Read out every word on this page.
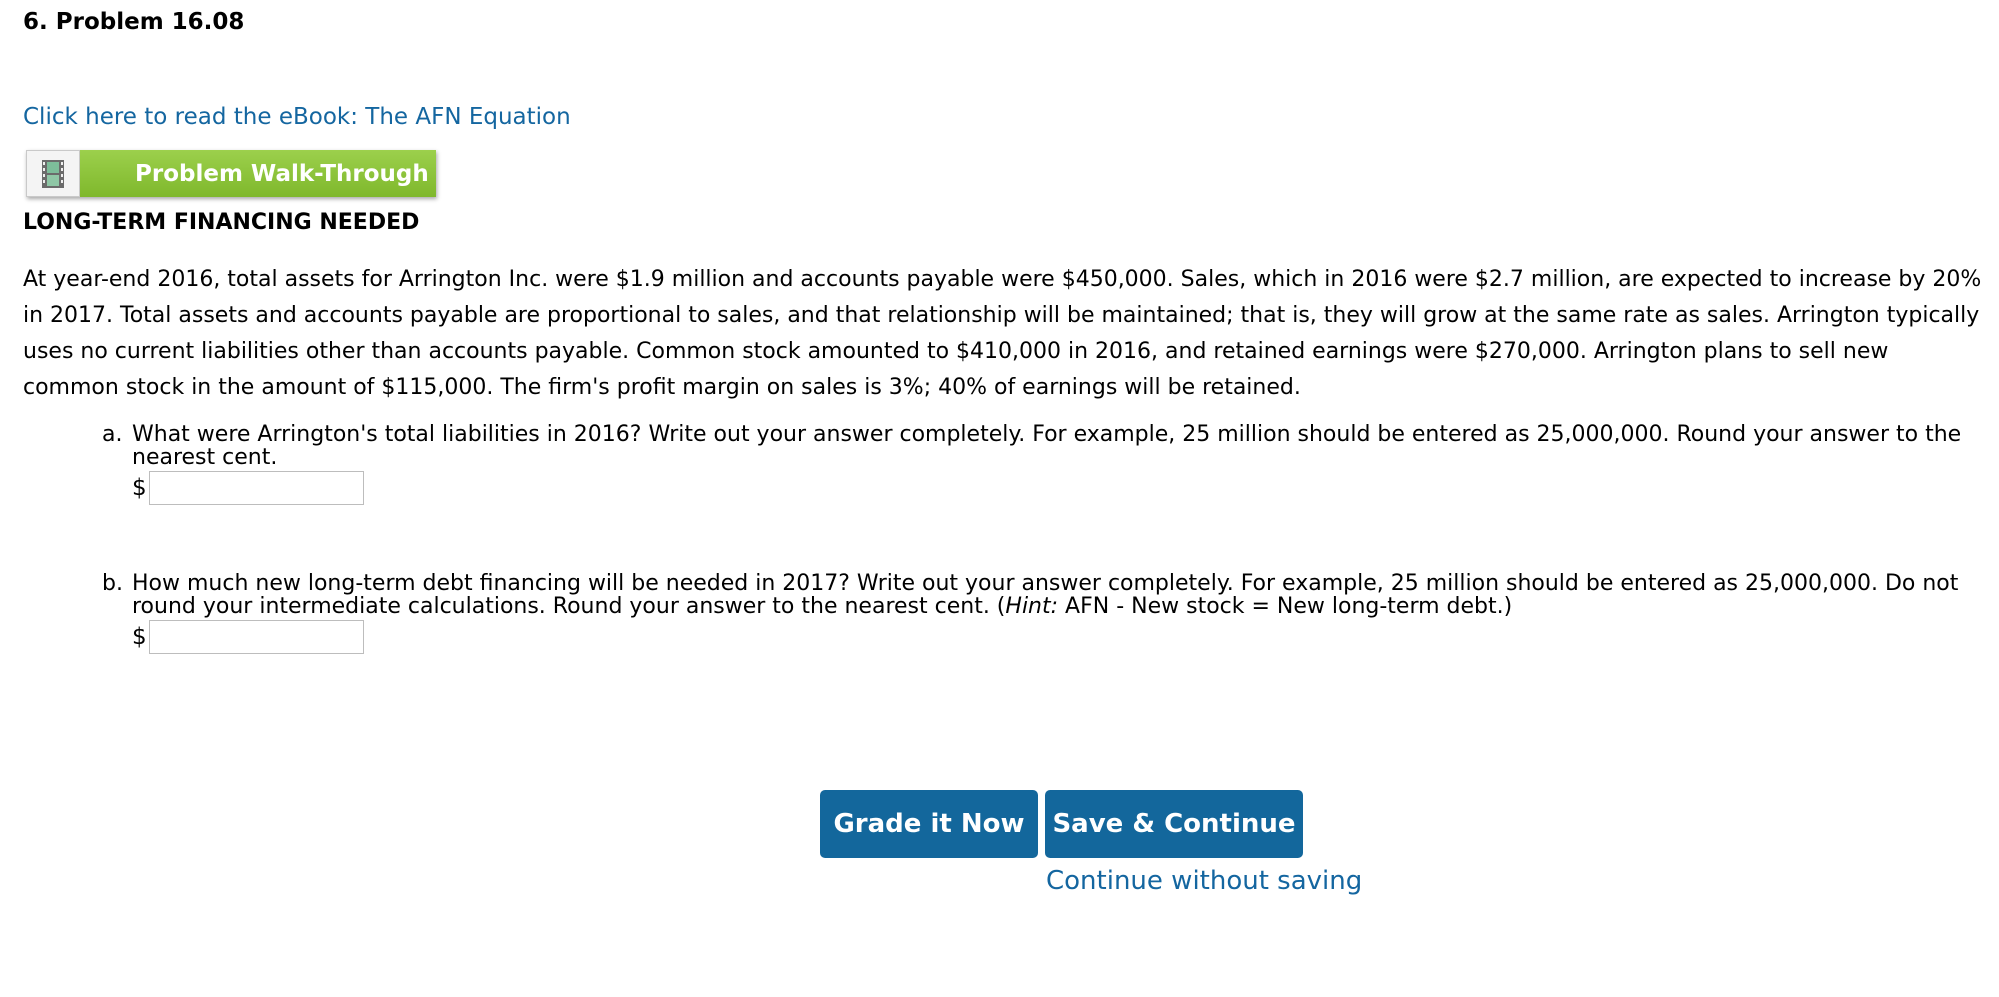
6. Problem 16.08
Click here to read the eBook: The AFN Equation
Problem Walk-Through
LONG-TERM FINANCING NEEDED

At year-end 2016, total assets for Arrington Inc. were $1.9 million and accounts payable were $450,000. Sales, which in 2016 were $2.7 million, are expected to increase by 20% in 2017. Total assets and accounts payable are proportional to sales, and that relationship will be maintained; that is, they will grow at the same rate as sales. Arrington typically uses no current liabilities other than accounts payable. Common stock amounted to $410,000 in 2016, and retained earnings were $270,000. Arrington plans to sell new common stock in the amount of $115,000. The firm's profit margin on sales is 3%; 40% of earnings will be retained.

a. What were Arrington's total liabilities in 2016? Write out your answer completely. For example, 25 million should be entered as 25,000,000. Round your answer to the nearest cent.
$
b. How much new long-term debt financing will be needed in 2017? Write out your answer completely. For example, 25 million should be entered as 25,000,000. Do not round your intermediate calculations. Round your answer to the nearest cent. (Hint: AFN - New stock = New long-term debt.)
$
Grade it Now	Save & Continue
Continue without saving
